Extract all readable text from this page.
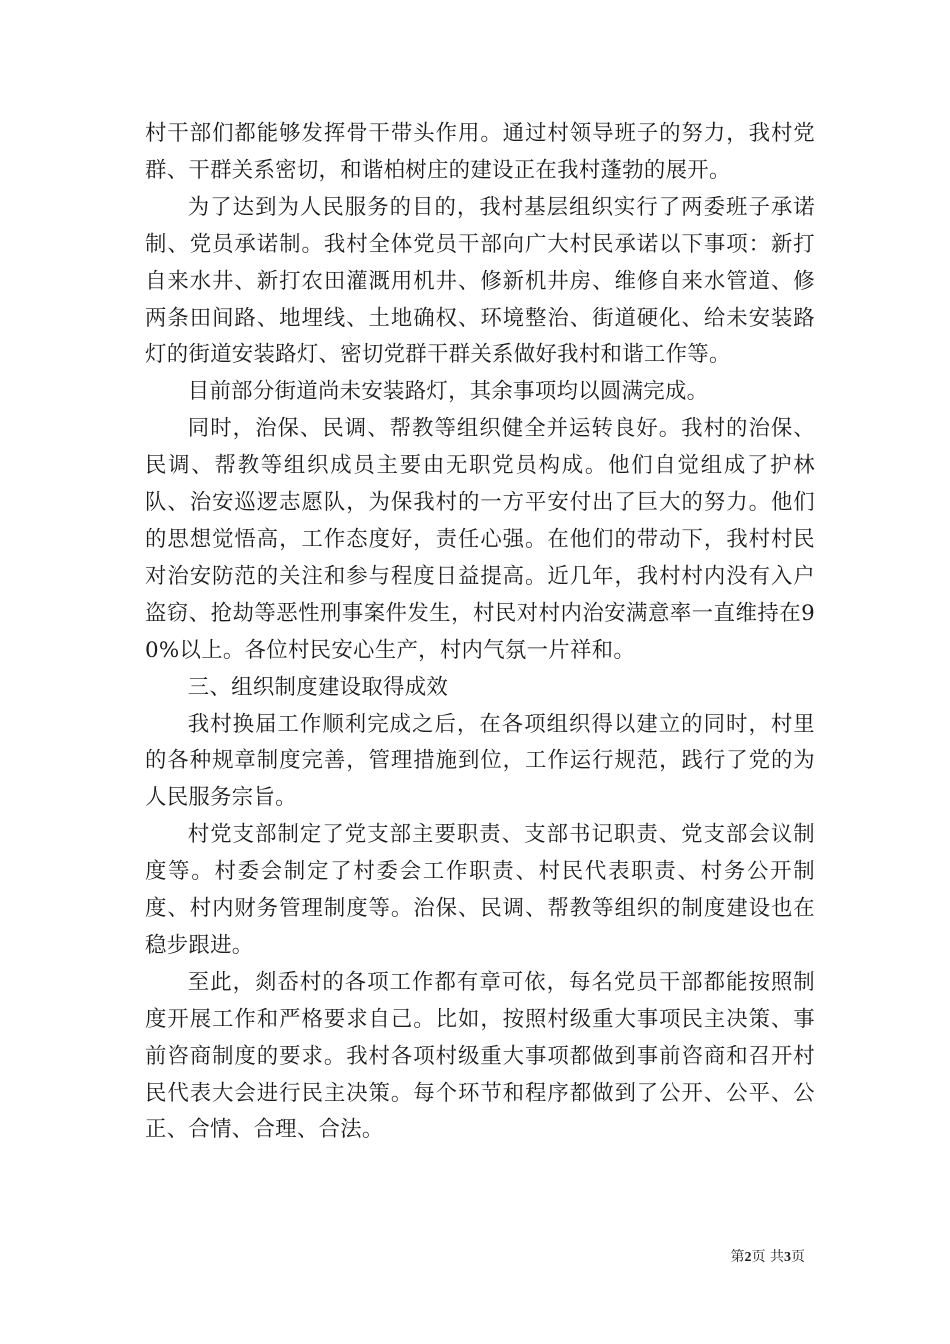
村干部们都能够发挥骨干带头作用。通过村领导班子的努力，我村党群、干群关系密切，和谐柏树庄的建设正在我村蓬勃的展开。

为了达到为人民服务的目的，我村基层组织实行了两委班子承诺制、党员承诺制。我村全体党员干部向广大村民承诺以下事项：新打自来水井、新打农田灌溉用机井、修新机井房、维修自来水管道、修两条田间路、地埋线、土地确权、环境整治、街道硬化、给未安装路灯的街道安装路灯、密切党群干群关系做好我村和谐工作等。

目前部分街道尚未安装路灯，其余事项均以圆满完成。

同时，治保、民调、帮教等组织健全并运转良好。我村的治保、民调、帮教等组织成员主要由无职党员构成。他们自觉组成了护林队、治安巡逻志愿队，为保我村的一方平安付出了巨大的努力。他们的思想觉悟高，工作态度好，责任心强。在他们的带动下，我村村民对治安防范的关注和参与程度日益提高。近几年，我村村内没有入户盗窃、抢劫等恶性刑事案件发生，村民对村内治安满意率一直维持在90%以上。各位村民安心生产，村内气氛一片祥和。

三、组织制度建设取得成效

我村换届工作顺利完成之后，在各项组织得以建立的同时，村里的各种规章制度完善，管理措施到位，工作运行规范，践行了党的为人民服务宗旨。

村党支部制定了党支部主要职责、支部书记职责、党支部会议制度等。村委会制定了村委会工作职责、村民代表职责、村务公开制度、村内财务管理制度等。治保、民调、帮教等组织的制度建设也在稳步跟进。

至此，剡岙村的各项工作都有章可依，每名党员干部都能按照制度开展工作和严格要求自己。比如，按照村级重大事项民主决策、事前咨商制度的要求。我村各项村级重大事项都做到事前咨商和召开村民代表大会进行民主决策。每个环节和程序都做到了公开、公平、公正、合情、合理、合法。

第2页 共3页
